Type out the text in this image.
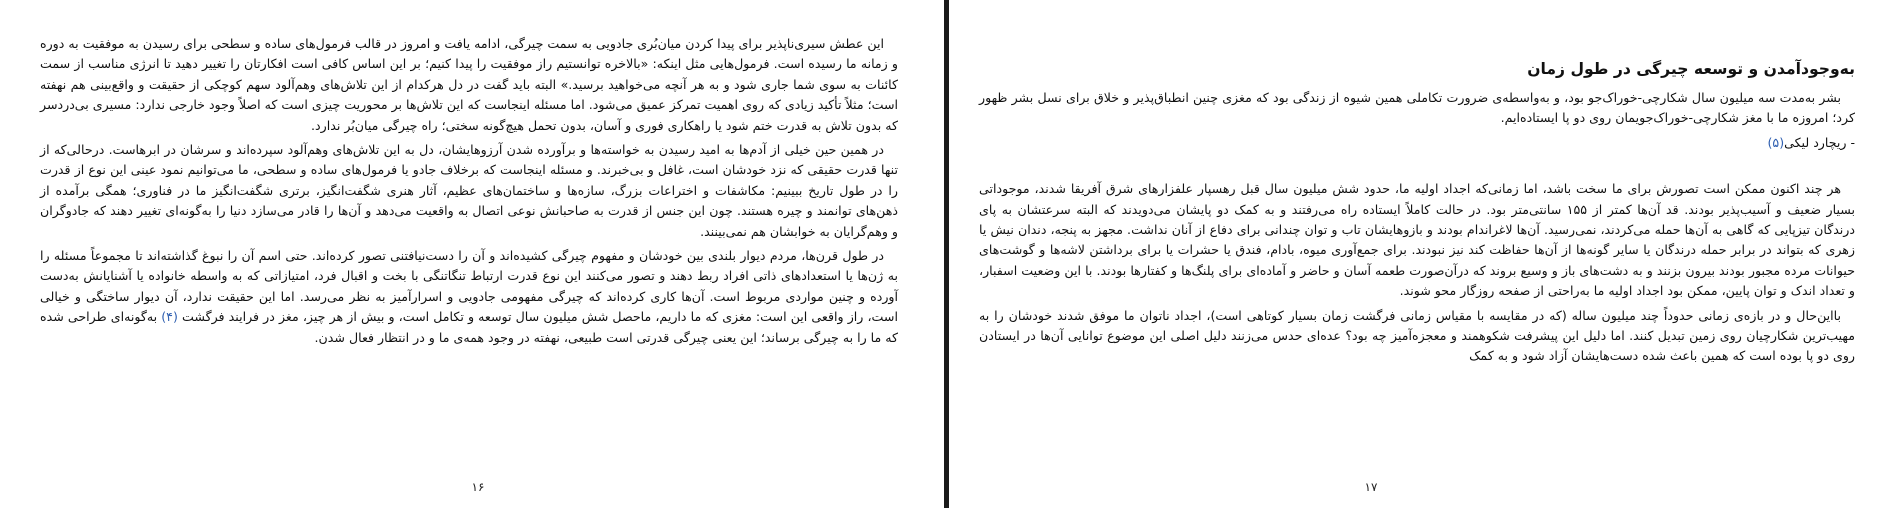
این عطش سیری‌ناپذیر برای پیدا کردن میان‌بُری جادویی به سمت چیرگی، ادامه یافت و امروز در قالب فرمول‌های ساده و سطحی برای رسیدن به موفقیت به دوره و زمانه ما رسیده است. فرمول‌هایی مثل اینکه: «بالاخره توانستیم راز موفقیت را پیدا کنیم؛ بر این اساس کافی است افکارتان را تغییر دهید تا انرژی مناسب از سمت کائنات به سوی شما جاری شود و به هر آنچه می‌خواهید برسید.» البته باید گفت در دل هرکدام از این تلاش‌های وهم‌آلود سهم کوچکی از حقیقت و واقع‌بینی هم نهفته است؛ مثلاً تأکید زیادی که روی اهمیت تمرکز عمیق می‌شود. اما مسئله اینجاست که این تلاش‌ها بر محوریت چیزی است که اصلاً وجود خارجی ندارد: مسیری بی‌دردسر که بدون تلاش به قدرت ختم شود یا راهکاری فوری و آسان، بدون تحمل هیچ‌گونه سختی؛ راه چیرگی میان‌بُر ندارد.

در همین حین خیلی از آدم‌ها به امید رسیدن به خواسته‌ها و برآورده شدن آرزوهایشان، دل به این تلاش‌های وهم‌آلود سپرده‌اند و سرشان در ابرهاست. درحالی‌که از تنها قدرت حقیقی که نزد خودشان است، غافل و بی‌خبرند. و مسئله اینجاست که برخلاف جادو یا فرمول‌های ساده و سطحی، ما می‌توانیم نمود عینی این نوع از قدرت را در طول تاریخ ببینیم: مکاشفات و اختراعات بزرگ، سازه‌ها و ساختمان‌های عظیم، آثار هنری شگفت‌انگیز، برتری شگفت‌انگیز ما در فناوری؛ همگی برآمده از ذهن‌های توانمند و چیره هستند. چون این جنس از قدرت به صاحبانش نوعی اتصال به واقعیت می‌دهد و آن‌ها را قادر می‌سازد دنیا را به‌گونه‌ای تغییر دهند که جادوگران و وهم‌گرایان به خوابشان هم نمی‌بینند.

در طول قرن‌ها، مردم دیوار بلندی بین خودشان و مفهوم چیرگی کشیده‌اند و آن را دست‌نیافتنی تصور کرده‌اند. حتی اسم آن را نبوغ گذاشته‌اند تا مجموعاً مسئله را به ژن‌ها یا استعدادهای ذاتی افراد ربط دهند و تصور می‌کنند این نوع قدرت ارتباط تنگاتنگی با بخت و اقبال فرد، امتیازاتی که به واسطه خانواده یا آشنایانش به‌دست آورده و چنین مواردی مربوط است. آن‌ها کاری کرده‌اند که چیرگی مفهومی جادویی و اسرارآمیز به نظر می‌رسد. اما این حقیقت ندارد، آن دیوار ساختگی و خیالی است، راز واقعی این است: مغزی که ما داریم، ماحصل شش میلیون سال توسعه و تکامل است، و بیش از هر چیز، مغز در فرایند فرگشت (۴) به‌گونه‌ای طراحی شده که ما را به چیرگی برساند؛ این یعنی چیرگی قدرتی است طبیعی، نهفته در وجود همه‌ی ما و در انتظار فعال شدن.

۱۶
به‌وجودآمدن و توسعه چیرگی در طول زمان

بشر به‌مدت سه میلیون سال شکارچی-خوراک‌جو بود، و به‌واسطه‌ی ضرورت تکاملی همین شیوه از زندگی بود که مغزی چنین انطباق‌پذیر و خلاق برای نسل بشر ظهور کرد؛ امروزه ما با مغز شکارچی-خوراک‌جویمان روی دو پا ایستاده‌ایم.

- ریچارد لیکی(۵)

هر چند اکنون ممکن است تصورش برای ما سخت باشد، اما زمانی‌که اجداد اولیه ما، حدود شش میلیون سال قبل رهسپار علفزارهای شرق آفریقا شدند، موجوداتی بسیار ضعیف و آسیب‌پذیر بودند. قد آن‌ها کمتر از ۱۵۵ سانتی‌متر بود. در حالت کاملاً ایستاده راه می‌رفتند و به کمک دو پایشان می‌دویدند که البته سرعتشان به پای درندگان تیزپایی که گاهی به آن‌ها حمله می‌کردند، نمی‌رسید. آن‌ها لاغراندام بودند و بازوهایشان تاب و توان چندانی برای دفاع از آنان نداشت. مجهز به پنجه، دندان نیش یا زهری که بتواند در برابر حمله درندگان یا سایر گونه‌ها از آن‌ها حفاظت کند نیز نبودند. برای جمع‌آوری میوه، بادام، فندق یا حشرات یا برای برداشتن لاشه‌ها و گوشت‌های حیوانات مرده مجبور بودند بیرون بزنند و به دشت‌های باز و وسیع بروند که درآن‌صورت طعمه آسان و حاضر و آماده‌ای برای پلنگ‌ها و کفتارها بودند. با این وضعیت اسفبار، و تعداد اندک و توان پایین، ممکن بود اجداد اولیه ما به‌راحتی از صفحه روزگار محو شوند.

بااین‌حال و در بازه‌ی زمانی حدوداً چند میلیون ساله (که در مقایسه با مقیاس زمانی فرگشت زمان بسیار کوتاهی است)، اجداد ناتوان ما موفق شدند خودشان را به مهیب‌ترین شکارچیان روی زمین تبدیل کنند. اما دلیل این پیشرفت شکوهمند و معجزه‌آمیز چه بود؟ عده‌ای حدس می‌زنند دلیل اصلی این موضوع توانایی آن‌ها در ایستادن روی دو پا بوده است که همین باعث شده دست‌هایشان آزاد شود و به کمک

۱۷
